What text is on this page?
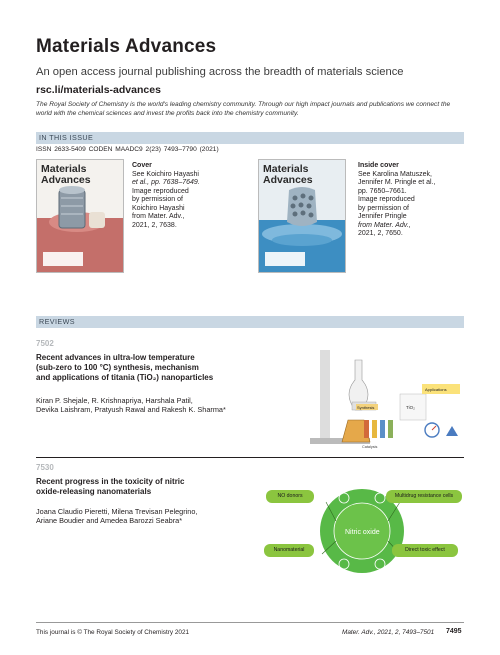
Materials Advances
An open access journal publishing across the breadth of materials science
rsc.li/materials-advances
The Royal Society of Chemistry is the world's leading chemistry community. Through our high impact journals and publications we connect the world with the chemical sciences and invest the profits back into the chemistry community.
IN THIS ISSUE
ISSN 2633-5409 CODEN MAADC9 2(23) 7493–7790 (2021)
Materials Advances
Cover
See Koichiro Hayashi
et al., pp. 7638–7649.
Image reproduced
by permission of
Koichiro Hayashi
from Mater. Adv.,
2021, 2, 7638.
Materials Advances
Inside cover
See Karolina Matuszek,
Jennifer M. Pringle et al.,
pp. 7650–7661.
Image reproduced
by permission of
Jennifer Pringle
from Mater. Adv.,
2021, 2, 7650.
REVIEWS
7502
Recent advances in ultra-low temperature
(sub-zero to 100 °C) synthesis, mechanism
and applications of titania (TiO₂) nanoparticles
Kiran P. Shejale, R. Krishnapriya, Harshala Patil,
Devika Laishram, Pratyush Rawal and Rakesh K. Sharma*	Synthesis	TiO₂
Applications
Catalysis
7530
Recent progress in the toxicity of nitric
oxide-releasing nanomaterials
Joana Claudio Pieretti, Milena Trevisan Pelegrino,
Ariane Boudier and Amedea Barozzi Seabra*
Nitric oxide
NO donors	Multidrug resistance cells
Nanomaterial	Direct toxic effect
This journal is © The Royal Society of Chemistry 2021	Mater. Adv., 2021, 2, 7493–7501 7495
